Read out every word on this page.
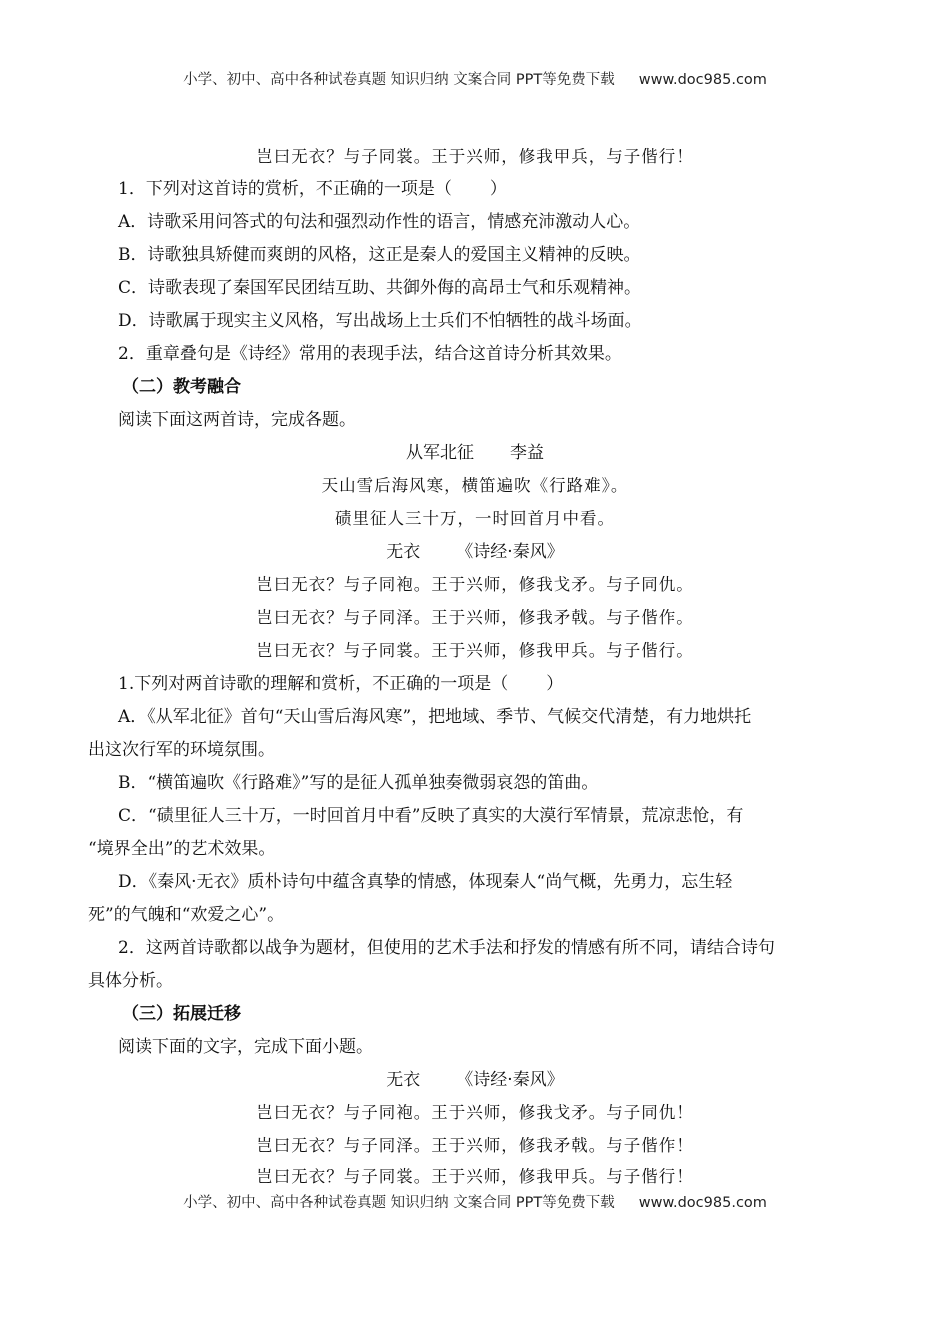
小学、初中、高中各种试卷真题 知识归纳 文案合同 PPT等免费下载 www.doc985.com
岂曰无衣？与子同裳。王于兴师，修我甲兵，与子偕行！
1．下列对这首诗的赏析，不正确的一项是（ ）
A．诗歌采用问答式的句法和强烈动作性的语言，情感充沛激动人心。
B．诗歌独具矫健而爽朗的风格，这正是秦人的爱国主义精神的反映。
C．诗歌表现了秦国军民团结互助、共御外侮的高昂士气和乐观精神。
D．诗歌属于现实主义风格，写出战场上士兵们不怕牺牲的战斗场面。
2．重章叠句是《诗经》常用的表现手法，结合这首诗分析其效果。
（二）教考融合
阅读下面这两首诗，完成各题。
从军北征 李益
天山雪后海风寒，横笛遍吹《行路难》。
碛里征人三十万，一时回首月中看。
无衣 《诗经·秦风》
岂曰无衣？与子同袍。王于兴师，修我戈矛。与子同仇。
岂曰无衣？与子同泽。王于兴师，修我矛戟。与子偕作。
岂曰无衣？与子同裳。王于兴师，修我甲兵。与子偕行。
1.下列对两首诗歌的理解和赏析，不正确的一项是（ ）
A．《从军北征》首句“天山雪后海风寒”，把地域、季节、气候交代清楚，有力地烘托
出这次行军的环境氛围。
B．“横笛遍吹《行路难》”写的是征人孤单独奏微弱哀怨的笛曲。
C．“碛里征人三十万，一时回首月中看”反映了真实的大漠行军情景，荒凉悲怆，有
“境界全出”的艺术效果。
D．《秦风·无衣》质朴诗句中蕴含真挚的情感，体现秦人“尚气概，先勇力，忘生轻
死”的气魄和“欢爱之心”。
2．这两首诗歌都以战争为题材，但使用的艺术手法和抒发的情感有所不同，请结合诗句
具体分析。
（三）拓展迁移
阅读下面的文字，完成下面小题。
无衣 《诗经·秦风》
岂曰无衣？与子同袍。王于兴师，修我戈矛。与子同仇！
岂曰无衣？与子同泽。王于兴师，修我矛戟。与子偕作！
岂曰无衣？与子同裳。王于兴师，修我甲兵。与子偕行！
小学、初中、高中各种试卷真题 知识归纳 文案合同 PPT等免费下载 www.doc985.com
